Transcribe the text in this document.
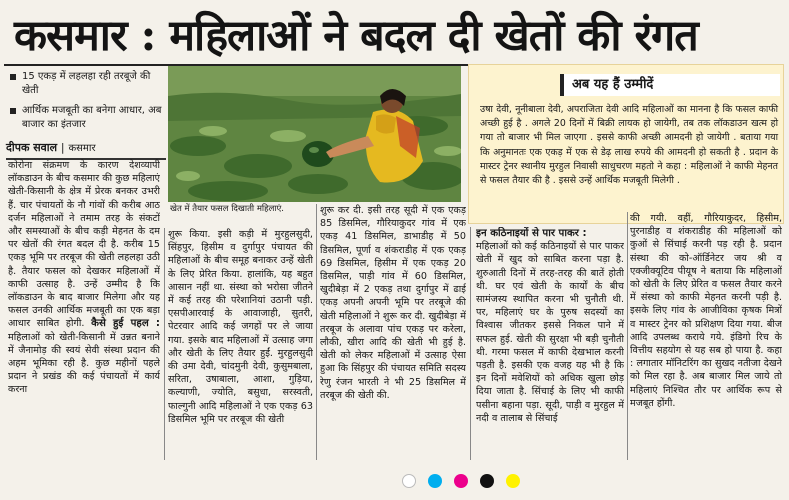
कसमार : महिलाओं ने बदल दी खेतों की रंगत
15 एकड़ में लहलहा रही तरबूजे की खेती
आर्थिक मजबूती का बनेगा आधार, अब बाजार का इंतजार
दीपक सवाल | कसमार
खेत में तैयार फसल दिखाती महिलाएं.
अब यह हैं उम्मीदें
उषा देवी, नूनीबाला देवी, अपराजिता देवी आदि महिलाओं का मानना है कि फसल काफी अच्छी हुई है . अगले 20 दिनों में बिक्री लायक हो जायेगी, तब तक लॉकडाउन खत्म हो गया तो बाजार भी मिल जाएगा . इससे काफी अच्छी आमदनी हो जायेगी . बताया गया कि अनुमानतः एक एकड़ में एक से डेढ़ लाख रुपये की आमदनी हो सकती है . प्रदान के मास्टर ट्रेनर स्थानीय मुरहुल निवासी साधुचरण महतो ने कहा : महिलाओं ने काफी मेहनत से फसल तैयार की है . इससे उन्हें आर्थिक मजबूती मिलेगी .
कोरोना संक्रमण के कारण देशव्यापी लॉकडाउन के बीच कसमार की कुछ महिलाएं खेती-किसानी के क्षेत्र में प्रेरक बनकर उभरी हैं. चार पंचायतों के नौ गांवों की करीब आठ दर्जन महिलाओं ने तमाम तरह के संकटों और समस्याओं के बीच कड़ी मेहनत के दम पर खेतों की रंगत बदल दी है. करीब 15 एकड़ भूमि पर तरबूज की खेती लहलहा उठी है. तैयार फसल को देखकर महिलाओं में काफी उत्साह है. उन्हें उम्मीद है कि लॉकडाउन के बाद बाजार मिलेगा और यह फसल उनकी आर्थिक मजबूती का एक बड़ा आधार साबित होगी. कैसे हुई पहल : महिलाओं को खेती-किसानी में उन्नत बनाने में जैनामोड़ की स्वयं सेवी संस्था प्रदान की अहम भूमिका रही है. कुछ महीनों पहले प्रदान ने प्रखंड की कई पंचायतों में कार्य करना
शुरू किया. इसी कड़ी में मुरहुलसुदी, सिंहपुर, हिसीम व दुर्गापुर पंचायत की महिलाओं के बीच समूह बनाकर उन्हें खेती के लिए प्रेरित किया. हालांकि, यह बहुत आसान नहीं था. संस्था को भरोसा जीतने में कई तरह की परेशानियां उठानी पड़ी. एसपीआरवाई के आवाजाही, सुतरी, पेटरवार आदि कई जगहों पर ले जाया गया. इसके बाद महिलाओं में उत्साह जगा और खेती के लिए तैयार हुईं. मुरहुलसुदी की उमा देवी, चांदमुनी देवी, कुसुमबाला, सरिता, उषाबाला, आशा, गुड़िया, कल्याणी, ज्योति, बसुधा, सरस्वती, फाल्गुनी आदि महिलाओं ने एक एकड़ 63 डिसमिल भूमि पर तरबूज की खेती
शुरू कर दी. इसी तरह सूदी में एक एकड़ 85 डिसमिल, गौरियाकुदर गांव में एक एकड़ 41 डिसमिल, डाभाडीह में 50 डिसमिल, पूर्णा व शंकराडीह में एक एकड़ 69 डिसमिल, हिसीम में एक एकड़ 20 डिसमिल, पाड़ी गांव में 60 डिसमिल, खुदीबेड़ा में 2 एकड़ तथा दुर्गापुर में ढाई एकड़ अपनी अपनी भूमि पर तरबूजे की खेती महिलाओं ने शुरू कर दी. खुदीबेड़ा में तरबूज के अलावा पांच एकड़ पर करेला, लौकी, खीरा आदि की खेती भी हुई है. खेती को लेकर महिलाओं में उत्साह ऐसा हुआ कि सिंहपुर की पंचायत समिति सदस्य रेणु रंजन भारती ने भी 25 डिसमिल में तरबूज की खेती की.
इन कठिनाइयों से पार पाकर :
महिलाओं को कई कठिनाइयों से पार पाकर खेती में खुद को साबित करना पड़ा है. शुरुआती दिनों में तरह-तरह की बातें होती थी. घर एवं खेती के कार्यों के बीच सामंजस्य स्थापित करना भी चुनौती थी. पर, महिलाएं घर के पुरुष सदस्यों का विश्वास जीतकर इससे निकल पाने में सफल हुई. खेती की सुरक्षा भी बड़ी चुनौती थी. गरमा फसल में काफी देखभाल करनी पड़ती है. इसकी एक वजह यह भी है कि इन दिनों मवेशियों को अधिक खुला छोड़ दिया जाता है. सिंचाई के लिए भी काफी पसीना बहाना पड़ा. सूदी, पाड़ी व मुरहुल में नदी व तालाब से सिंचाई
की गयी. वहीं, गौरियाकुदर, हिसीम, पुरनाडीह व शंकराडीह की महिलाओं को कुओं से सिंचाई करनी पड़ रही है. प्रदान संस्था की को-ऑर्डिनेटर जय श्री व एक्जीक्यूटिव पीयूष ने बताया कि महिलाओं को खेती के लिए प्रेरित व फसल तैयार करने में संस्था को काफी मेहनत करनी पड़ी है. इसके लिए गांव के आजीविका कृषक मित्रों व मास्टर ट्रेनर को प्रशिक्षण दिया गया. बीज आदि उपलब्ध कराये गये. इंडिगो रिच के वित्तीय सहयोग से यह सब हो पाया है. कहा : लगातार मॉनिटरिंग का सुखद नतीजा देखने को मिल रहा है. अब बाजार मिल जाये तो महिलाएं निश्चित तौर पर आर्थिक रूप से मजबूत होंगी.
